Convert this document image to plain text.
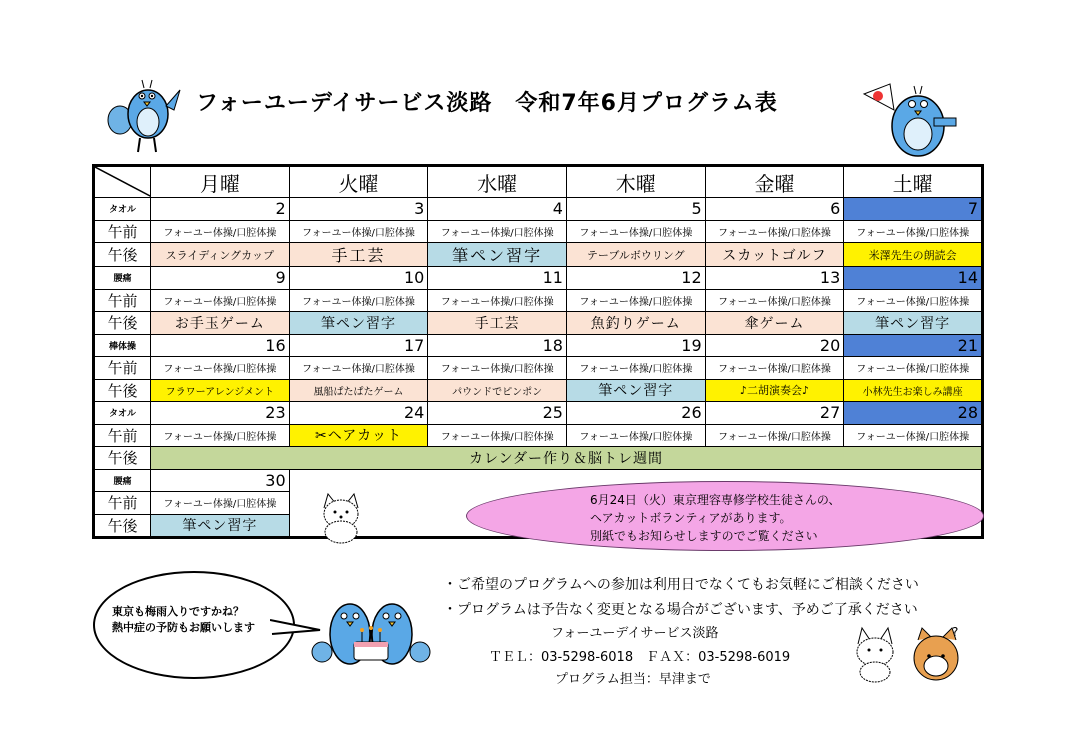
フォーユーデイサービス淡路　令和7年6月プログラム表
	月曜	火曜	水曜	木曜	金曜	土曜
タオル	2	3	4	5	6	7
午前	フォーユー体操/口腔体操	フォーユー体操/口腔体操	フォーユー体操/口腔体操	フォーユー体操/口腔体操	フォーユー体操/口腔体操	フォーユー体操/口腔体操
午後	スライディングカップ	手工芸	筆ペン習字	テーブルボウリング	スカットゴルフ	米澤先生の朗読会
腰痛	9	10	11	12	13	14
午前	フォーユー体操/口腔体操	フォーユー体操/口腔体操	フォーユー体操/口腔体操	フォーユー体操/口腔体操	フォーユー体操/口腔体操	フォーユー体操/口腔体操
午後	お手玉ゲーム	筆ペン習字	手工芸	魚釣りゲーム	傘ゲーム	筆ペン習字
棒体操	16	17	18	19	20	21
午前	フォーユー体操/口腔体操	フォーユー体操/口腔体操	フォーユー体操/口腔体操	フォーユー体操/口腔体操	フォーユー体操/口腔体操	フォーユー体操/口腔体操
午後	フラワーアレンジメント	風船ぱたぱたゲーム	パウンドでピンポン	筆ペン習字	♪二胡演奏会♪	小林先生お楽しみ講座
タオル	23	24	25	26	27	28
午前	フォーユー体操/口腔体操	✂ヘアカット	フォーユー体操/口腔体操	フォーユー体操/口腔体操	フォーユー体操/口腔体操	フォーユー体操/口腔体操
午後	カレンダー作り＆脳トレ週間					
腰痛	30					
午前	フォーユー体操/口腔体操					
午後	筆ペン習字					
6月24日（火）東京理容専修学校生徒さんの、
ヘアカットボランティアがあります。
別紙でもお知らせしますのでご覧ください
東京も梅雨入りですかね？
熱中症の予防もお願いします
・ご希望のプログラムへの参加は利用日でなくてもお気軽にご相談ください
・プログラムは予告なく変更となる場合がございます、予めご了承ください
フォーユーデイサービス淡路
ＴＥＬ：03-5298-6018　ＦＡＸ：03-5298-6019
プログラム担当：早津まで
?
